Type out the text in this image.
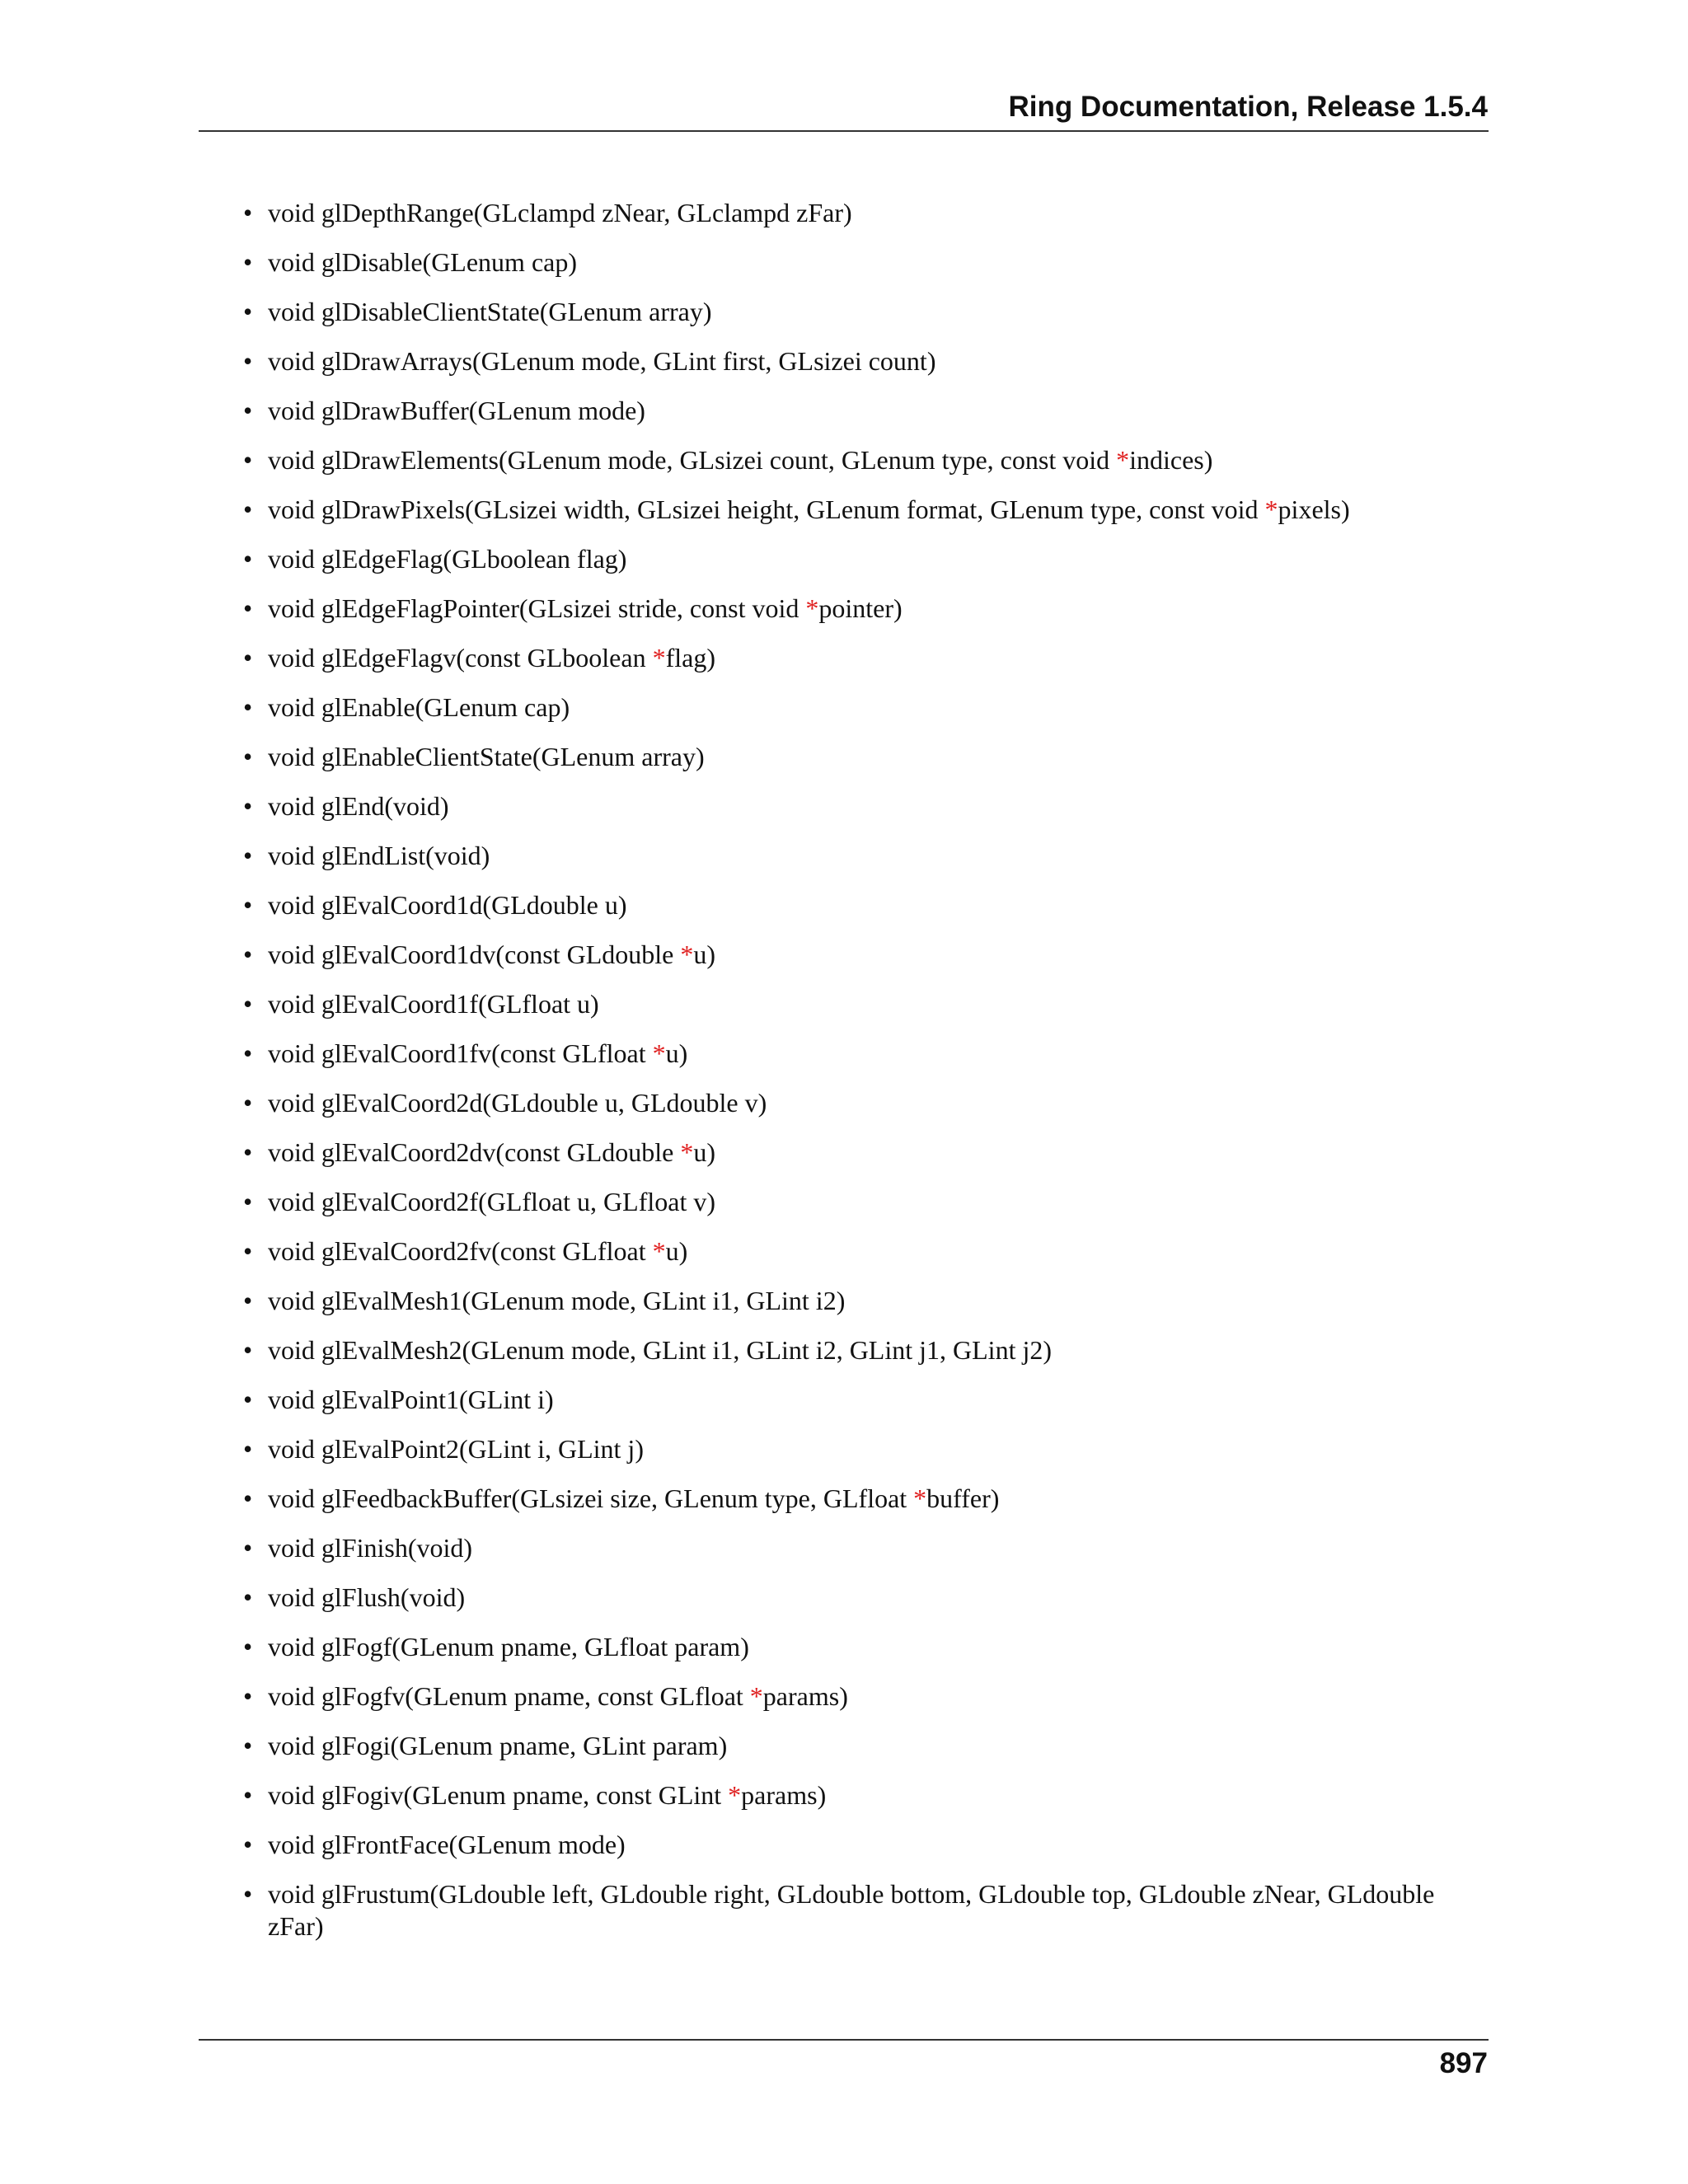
Ring Documentation, Release 1.5.4
• void glDepthRange(GLclampd zNear, GLclampd zFar)
• void glDisable(GLenum cap)
• void glDisableClientState(GLenum array)
• void glDrawArrays(GLenum mode, GLint first, GLsizei count)
• void glDrawBuffer(GLenum mode)
• void glDrawElements(GLenum mode, GLsizei count, GLenum type, const void *indices)
• void glDrawPixels(GLsizei width, GLsizei height, GLenum format, GLenum type, const void *pixels)
• void glEdgeFlag(GLboolean flag)
• void glEdgeFlagPointer(GLsizei stride, const void *pointer)
• void glEdgeFlagv(const GLboolean *flag)
• void glEnable(GLenum cap)
• void glEnableClientState(GLenum array)
• void glEnd(void)
• void glEndList(void)
• void glEvalCoord1d(GLdouble u)
• void glEvalCoord1dv(const GLdouble *u)
• void glEvalCoord1f(GLfloat u)
• void glEvalCoord1fv(const GLfloat *u)
• void glEvalCoord2d(GLdouble u, GLdouble v)
• void glEvalCoord2dv(const GLdouble *u)
• void glEvalCoord2f(GLfloat u, GLfloat v)
• void glEvalCoord2fv(const GLfloat *u)
• void glEvalMesh1(GLenum mode, GLint i1, GLint i2)
• void glEvalMesh2(GLenum mode, GLint i1, GLint i2, GLint j1, GLint j2)
• void glEvalPoint1(GLint i)
• void glEvalPoint2(GLint i, GLint j)
• void glFeedbackBuffer(GLsizei size, GLenum type, GLfloat *buffer)
• void glFinish(void)
• void glFlush(void)
• void glFogf(GLenum pname, GLfloat param)
• void glFogfv(GLenum pname, const GLfloat *params)
• void glFogi(GLenum pname, GLint param)
• void glFogiv(GLenum pname, const GLint *params)
• void glFrontFace(GLenum mode)
• void glFrustum(GLdouble left, GLdouble right, GLdouble bottom, GLdouble top, GLdouble zNear, GLdouble zFar)
897
